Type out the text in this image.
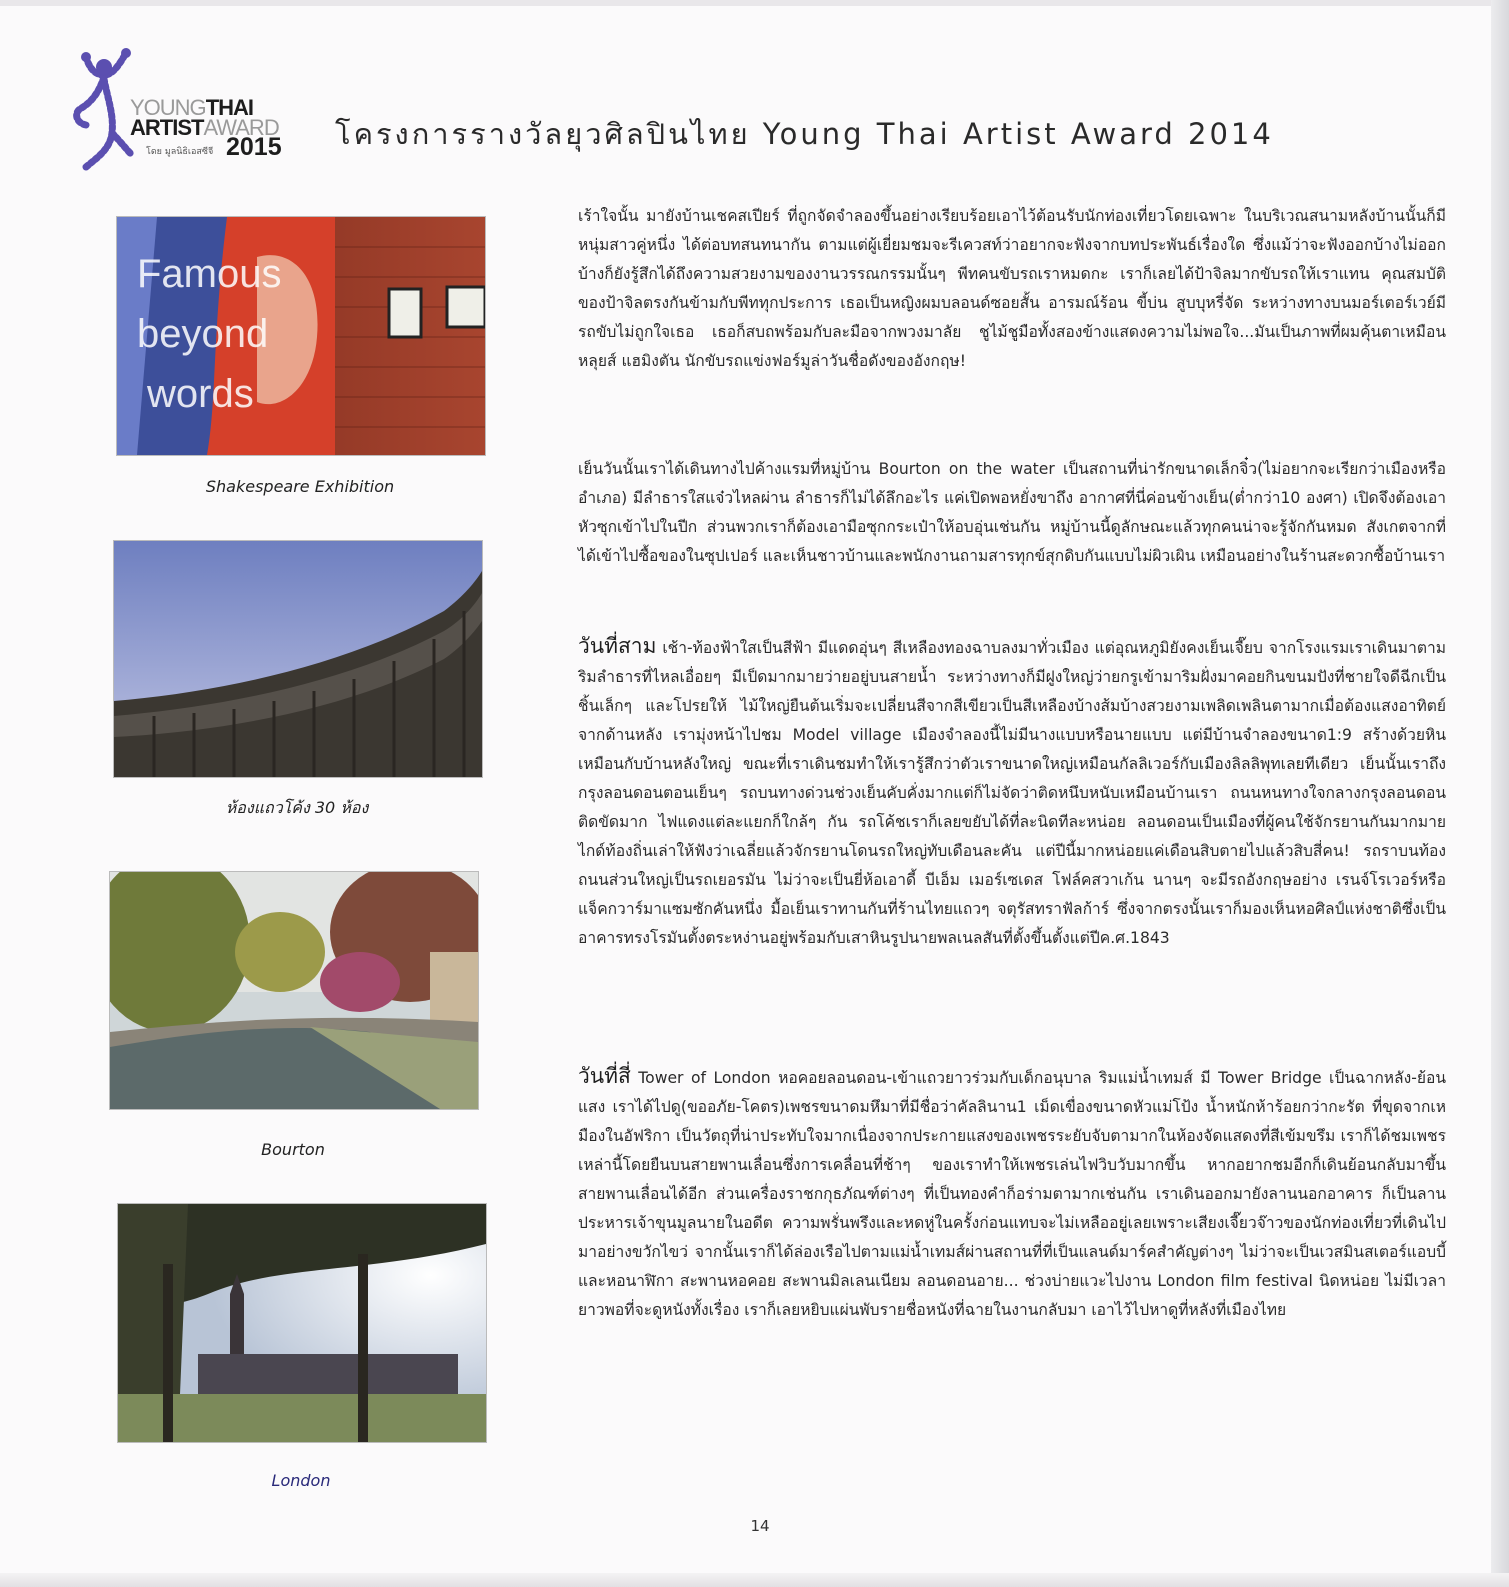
YOUNGTHAI
ARTISTAWARD
โดย มูลนิธิเอสซีจี 2015 โครงการรางวัลยุวศิลปินไทย Young Thai Artist Award 2014
Famous
beyond
words
Shakespeare Exhibition
ห้องแถวโค้ง 30 ห้อง
Bourton
London
เร้าใจนั้น มายังบ้านเชคสเปียร์ ที่ถูกจัดจำลองขึ้นอย่างเรียบร้อยเอาไว้ต้อนรับนักท่องเที่ยวโดยเฉพาะ ในบริเวณสนามหลังบ้านนั้นก็มีหนุ่มสาวคู่หนึ่ง ได้ต่อบทสนทนากัน ตามแต่ผู้เยี่ยมชมจะรีเควสท์ว่าอยากจะฟังจากบทประพันธ์เรื่องใด ซึ่งแม้ว่าจะฟังออกบ้างไม่ออกบ้างก็ยังรู้สึกได้ถึงความสวยงามของงานวรรณกรรมนั้นๆ พีทคนขับรถเราหมดกะ เราก็เลยได้ป้าจิลมากขับรถให้เราแทน คุณสมบัติของป้าจิลตรงกันข้ามกับพีททุกประการ เธอเป็นหญิงผมบลอนด์ซอยสั้น อารมณ์ร้อน ขี้บ่น สูบบุหรี่จัด ระหว่างทางบนมอร์เตอร์เวย์มีรถขับไม่ถูกใจเธอ เธอก็สบถพร้อมกับละมือจากพวงมาลัย ชูไม้ชูมือทั้งสองข้างแสดงความไม่พอใจ...มันเป็นภาพที่ผมคุ้นตาเหมือน หลุยส์ แฮมิงตัน นักขับรถแข่งฟอร์มูล่าวันชื่อดังของอังกฤษ!
เย็นวันนั้นเราได้เดินทางไปค้างแรมที่หมู่บ้าน Bourton on the water เป็นสถานที่น่ารักขนาดเล็กจิ๋ว(ไม่อยากจะเรียกว่าเมืองหรืออำเภอ) มีลำธารใสแจ๋วไหลผ่าน ลำธารก็ไม่ได้ลึกอะไร แค่เปิดพอหยั่งขาถึง อากาศที่นี่ค่อนข้างเย็น(ต่ำกว่า10 องศา) เปิดจึงต้องเอาหัวซุกเข้าไปในปีก ส่วนพวกเราก็ต้องเอามือซุกกระเป๋าให้อบอุ่นเช่นกัน หมู่บ้านนี้ดูลักษณะแล้วทุกคนน่าจะรู้จักกันหมด สังเกตจากที่ได้เข้าไปซื้อของในซุปเปอร์ และเห็นชาวบ้านและพนักงานถามสารทุกข์สุกดิบกันแบบไม่ผิวเผิน เหมือนอย่างในร้านสะดวกซื้อบ้านเรา
วันที่สาม เช้า-ท้องฟ้าใสเป็นสีฟ้า มีแดดอุ่นๆ สีเหลืองทองฉาบลงมาทั่วเมือง แต่อุณหภูมิยังคงเย็นเจี๊ยบ จากโรงแรมเราเดินมาตามริมลำธารที่ไหลเอื่อยๆ มีเป็ดมากมายว่ายอยู่บนสายน้ำ ระหว่างทางก็มีฝูงใหญ่ว่ายกรูเข้ามาริมฝั่งมาคอยกินขนมปังที่ชายใจดีฉีกเป็นชิ้นเล็กๆ และโปรยให้ ไม้ใหญ่ยืนต้นเริ่มจะเปลี่ยนสีจากสีเขียวเป็นสีเหลืองบ้างส้มบ้างสวยงามเพลิดเพลินตามากเมื่อต้องแสงอาทิตย์จากด้านหลัง เรามุ่งหน้าไปชม Model village เมืองจำลองนี้ไม่มีนางแบบหรือนายแบบ แต่มีบ้านจำลองขนาด1:9 สร้างด้วยหินเหมือนกับบ้านหลังใหญ่ ขณะที่เราเดินชมทำให้เรารู้สึกว่าตัวเราขนาดใหญ่เหมือนกัลลิเวอร์กับเมืองลิลลิพุทเลยทีเดียว เย็นนั้นเราถึงกรุงลอนดอนตอนเย็นๆ รถบนทางด่วนช่วงเย็นคับคั่งมากแต่ก็ไม่จัดว่าติดหนึบหนับเหมือนบ้านเรา ถนนหนทางใจกลางกรุงลอนดอนติดขัดมาก ไฟแดงแต่ละแยกก็ใกล้ๆ กัน รถโค้ชเราก็เลยขยับได้ที่ละนิดทีละหน่อย ลอนดอนเป็นเมืองที่ผู้คนใช้จักรยานกันมากมาย ไกด์ท้องถิ่นเล่าให้ฟังว่าเฉลี่ยแล้วจักรยานโดนรถใหญ่ทับเดือนละคัน แต่ปีนี้มากหน่อยแค่เดือนสิบตายไปแล้วสิบสี่คน! รถราบนท้องถนนส่วนใหญ่เป็นรถเยอรมัน ไม่ว่าจะเป็นยี่ห้อเอาดี้ บีเอ็ม เมอร์เซเดส โฟล์คสวาเก้น นานๆ จะมีรถอังกฤษอย่าง เรนจ์โรเวอร์หรือแจ็คกวาร์มาแซมซักคันหนึ่ง มื้อเย็นเราทานกันที่ร้านไทยแถวๆ จตุรัสทราฟัลก้าร์ ซึ่งจากตรงนั้นเราก็มองเห็นหอศิลป์แห่งชาติซึ่งเป็นอาคารทรงโรมันตั้งตระหง่านอยู่พร้อมกับเสาหินรูปนายพลเนลสันที่ตั้งขึ้นตั้งแต่ปีค.ศ.1843
วันที่สี่ Tower of London หอคอยลอนดอน-เข้าแถวยาวร่วมกับเด็กอนุบาล ริมแม่น้ำเทมส์ มี Tower Bridge เป็นฉากหลัง-ย้อนแสง เราได้ไปดู(ขออภัย-โคตร)เพชรขนาดมหึมาที่มีชื่อว่าคัลลินาน1 เม็ดเขื่องขนาดหัวแม่โป้ง น้ำหนักห้าร้อยกว่ากะรัต ที่ขุดจากเหมืองในอัฟริกา เป็นวัตถุที่น่าประทับใจมากเนื่องจากประกายแสงของเพชรระยับจับตามากในห้องจัดแสดงที่สีเข้มขรึม เราก็ได้ชมเพชรเหล่านี้โดยยืนบนสายพานเลื่อนซึ่งการเคลื่อนที่ช้าๆ ของเราทำให้เพชรเล่นไฟวิบวับมากขึ้น หากอยากชมอีกก็เดินย้อนกลับมาขึ้นสายพานเลื่อนได้อีก ส่วนเครื่องราชกกุธภัณฑ์ต่างๆ ที่เป็นทองคำก็อร่ามตามากเช่นกัน เราเดินออกมายังลานนอกอาคาร ก็เป็นลานประหารเจ้าขุนมูลนายในอดีต ความพรั่นพรึงและหดหู่ในครั้งก่อนแทบจะไม่เหลืออยู่เลยเพราะเสียงเจี๊ยวจ๊าวของนักท่องเที่ยวที่เดินไปมาอย่างขวักไขว่ จากนั้นเราก็ได้ล่องเรือไปตามแม่น้ำเทมส์ผ่านสถานที่ที่เป็นแลนด์มาร์คสำคัญต่างๆ ไม่ว่าจะเป็นเวสมินสเตอร์แอบบี้และหอนาฬิกา สะพานหอคอย สะพานมิลเลนเนียม ลอนดอนอาย... ช่วงบ่ายแวะไปงาน London film festival นิดหน่อย ไม่มีเวลายาวพอที่จะดูหนังทั้งเรื่อง เราก็เลยหยิบแผ่นพับรายชื่อหนังที่ฉายในงานกลับมา เอาไว้ไปหาดูที่หลังที่เมืองไทย
14
